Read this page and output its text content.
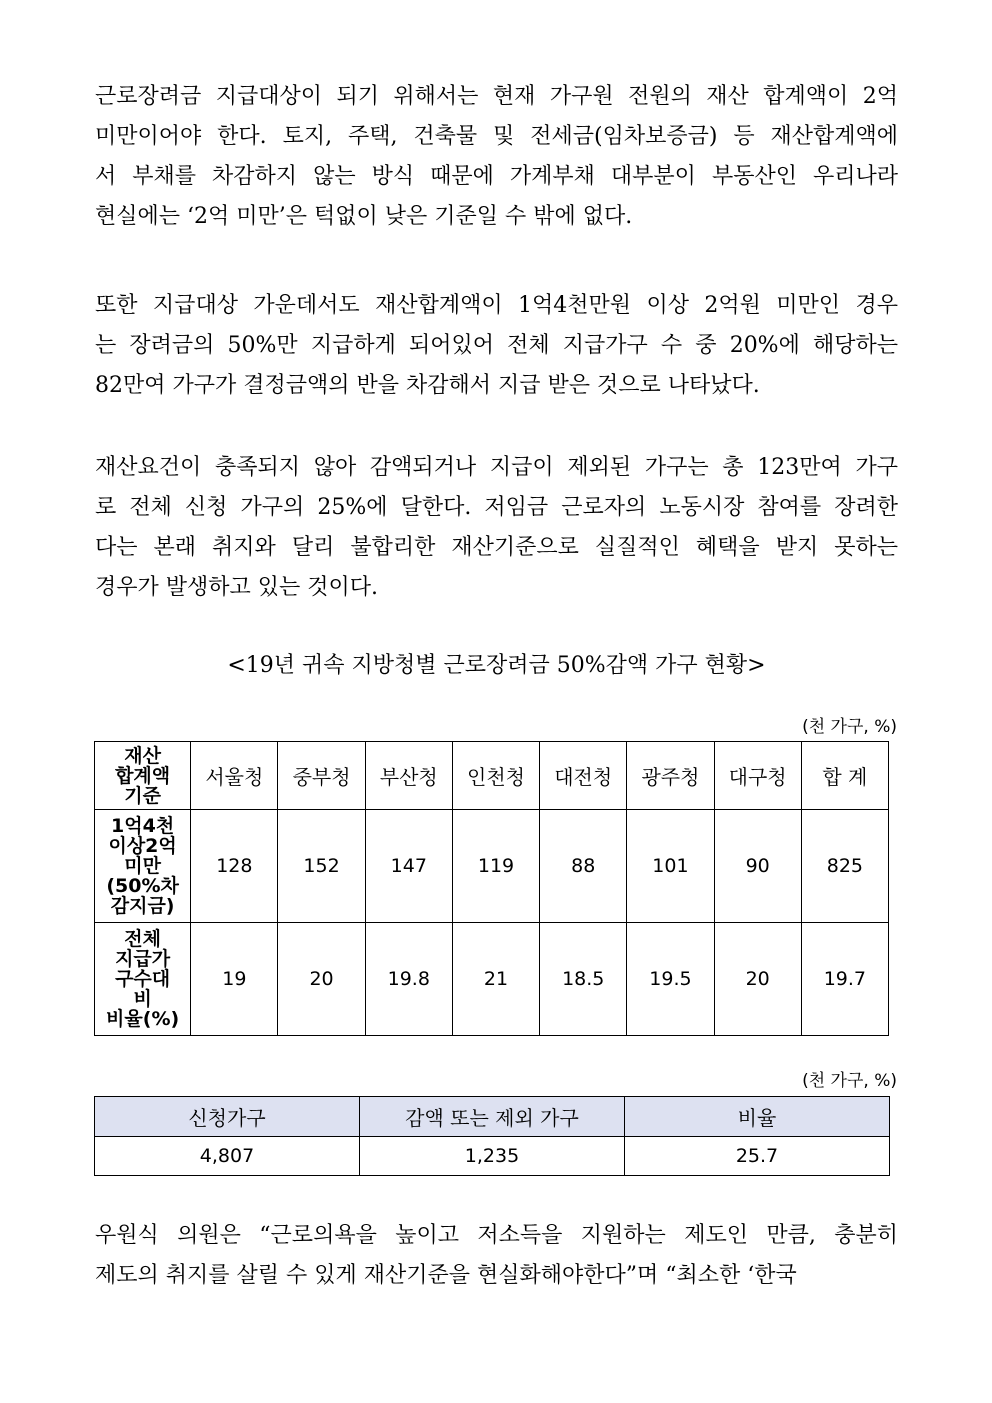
근로장려금 지급대상이 되기 위해서는 현재 가구원 전원의 재산 합계액이 2억
미만이어야 한다. 토지, 주택, 건축물 및 전세금(임차보증금) 등 재산합계액에
서 부채를 차감하지 않는 방식 때문에 가계부채 대부분이 부동산인 우리나라
현실에는 ‘2억 미만’은 턱없이 낮은 기준일 수 밖에 없다.
또한 지급대상 가운데서도 재산합계액이 1억4천만원 이상 2억원 미만인 경우
는 장려금의 50%만 지급하게 되어있어 전체 지급가구 수 중 20%에 해당하는
82만여 가구가 결정금액의 반을 차감해서 지급 받은 것으로 나타났다.
재산요건이 충족되지 않아 감액되거나 지급이 제외된 가구는 총 123만여 가구
로 전체 신청 가구의 25%에 달한다. 저임금 근로자의 노동시장 참여를 장려한
다는 본래 취지와 달리 불합리한 재산기준으로 실질적인 혜택을 받지 못하는
경우가 발생하고 있는 것이다.

<19년 귀속 지방청별 근로장려금 50%감액 가구 현황>

(천 가구, %)
재산
합계액
기준	서울청	중부청	부산청	인천청	대전청	광주청	대구청	합 계
1억4천
이상2억
미만
(50%차
감지금)	128	152	147	119	88	101	90	825
전체
지급가
구수대
비
비율(%)	19	20	19.8	21	18.5	19.5	20	19.7
(천 가구, %)
신청가구	감액 또는 제외 가구	비율
4,807	1,235	25.7
우원식 의원은 “근로의욕을 높이고 저소득을 지원하는 제도인 만큼, 충분히
제도의 취지를 살릴 수 있게 재산기준을 현실화해야한다”며 “최소한 ‘한국
